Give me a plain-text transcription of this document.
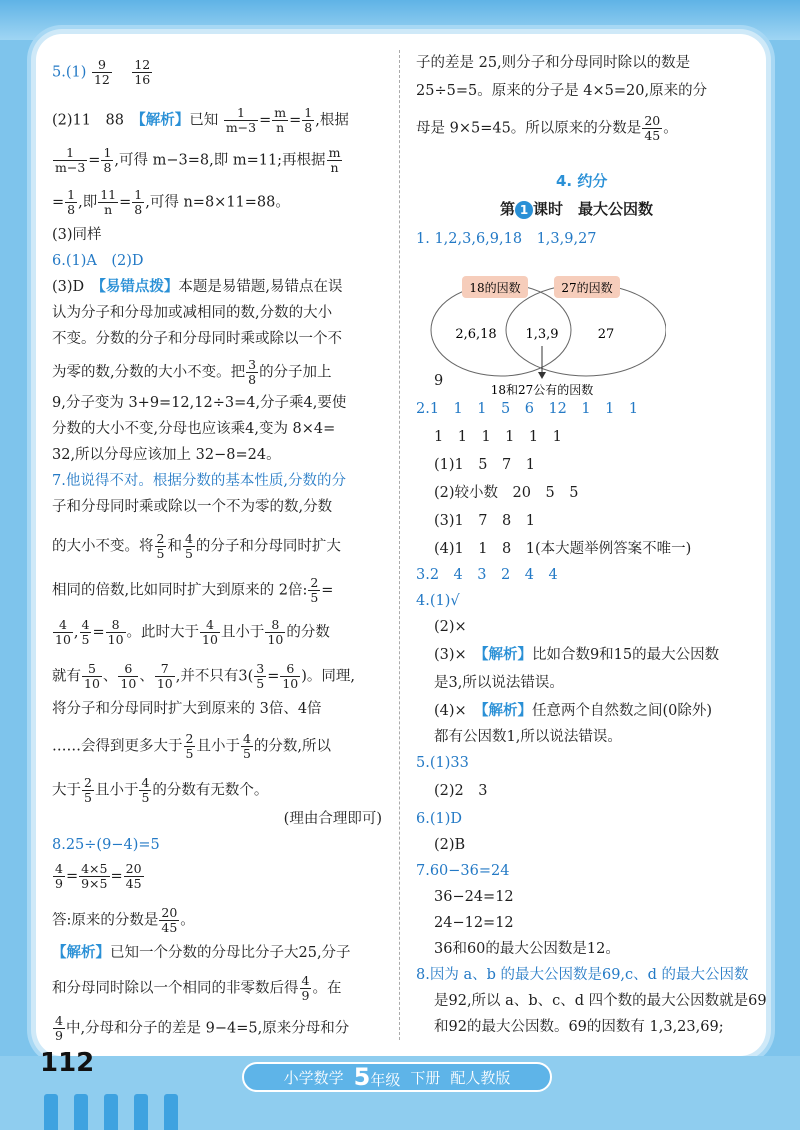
$5.(1) \frac{9}{12}$
$\frac{12}{16}$
(2)11　88　【解析】已知 $\frac{1}{m-3} = \frac{m}{n} = \frac{1}{8}$ ,根据
$\frac{1}{m-3} = \frac{1}{8}$ ,可得 m−3=8,即 m=11;再根据 $\frac{m}{n}$
= $\frac{1}{8}$ ,即 $\frac{11}{n} = \frac{1}{8}$ ,可得 n=8×11=88。
(3)同样
6.(1)A　(2)D
(3)D　【易错点拨】本题是易错题,易错点在误
认为分子和分母加或减相同的数,分数的大小
不变。分数的分子和分母同时乘或除以一个不
为零的数,分数的大小不变。把 $\frac{3}{8}$ 的分子加上
9,分子变为 3+9=12,12÷3=4,分子乘4,要使
分数的大小不变,分母也应该乘4,变为 8×4=
32,所以分母应该加上 32−8=24。
7.他说得不对。根据分数的基本性质,分数的分
子和分母同时乘或除以一个不为零的数,分数
的大小不变。将 $\frac{2}{5}$ 和 $\frac{4}{5}$ 的分子和分母同时扩大
相同的倍数,比如同时扩大到原来的 2倍: $\frac{2}{5}$ =
$\frac{4}{10}$ , $\frac{4}{5} = \frac{8}{10}$ 。此时大于 $\frac{4}{10}$ 且小于 $\frac{8}{10}$ 的分数
就有 $\frac{5}{10}$ 、 $\frac{6}{10}$ 、 $\frac{7}{10}$ ,并不只有$3( \frac{3}{5} = \frac{6}{10}$ )。同理,
将分子和分母同时扩大到原来的 3倍、4倍
……会得到更多大于 $\frac{2}{5}$ 且小于 $\frac{4}{5}$ 的分数,所以
大于 $\frac{2}{5}$ 且小于 $\frac{4}{5}$ 的分数有无数个。
(理由合理即可)
8.25÷(9−4)=5
$\frac{4}{9} = \frac{4\times 5}{9\times 5} = \frac{20}{45}$
答:原来的分数是 $\frac{20}{45}$ 。
【解析】已知一个分数的分母比分子大25,分子
和分母同时除以一个相同的非零数后得 $\frac{4}{9}$ 。在
$\frac{4}{9}$ 中,分母和分子的差是 9−4=5,原来分母和分
子的差是 25,则分子和分母同时除以的数是
25÷5=5。原来的分子是 4×5=20,原来的分
母是 9×5=45。所以原来的分数是 $\frac{20}{45}$ 。
4. 约分
第 1 课时　最大公因数
1. 1,2,3,6,9,18　1,3,9,27
18的因数	27的因数
2,6,18 1,3,9	27
18和27公有的因数
9
2.1　1　1　5　6　12　1　1　1
1　1　1　1　1　1
(1)1　5　7　1
(2)较小数　20　5　5
(3)1　7　8　1
(4)1　1　8　1(本大题举例答案不唯一)
3.2　4　3　2　4　4
4.(1)√
(2)×
(3)×　【解析】比如合数9和15的最大公因数
是3,所以说法错误。
(4)×　【解析】任意两个自然数之间(0除外)
都有公因数1,所以说法错误。
5.(1)33
(2)2　3
6.(1)D
(2)B
7.60−36=24
36−24=12
24−12=12
36和60的最大公因数是12。
8.因为 a、b 的最大公因数是69,c、d 的最大公因数
是92,所以 a、b、c、d 四个数的最大公因数就是69
和92的最大公因数。69的因数有 1,3,23,69;
112	小学数学 5年级 下册 配人教版
